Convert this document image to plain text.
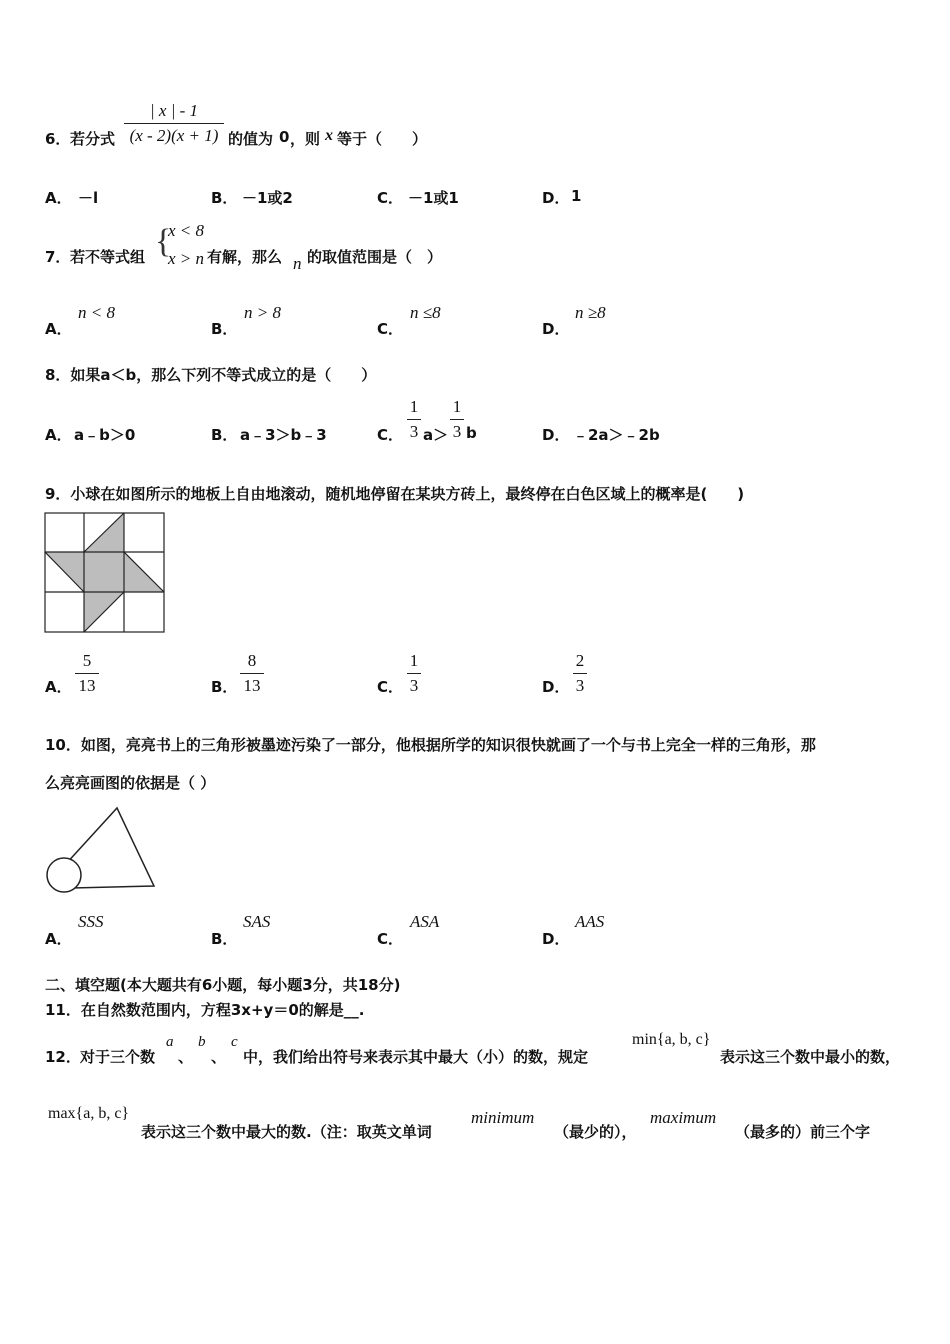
6． 若分式
| x | - 1
(x - 2)(x + 1) 的值为 0 ，则 x 等于（　　）
A． －l	B． －1或2	C． －1或1	D． 1
7． 若不等式组 {
x < 8
x > n 有解，那么 n 的取值范围是（　）
A．
n < 8
B．
n > 8
C．
n ≤8
D．
n ≥8
8．如果a＜b，那么下列不等式成立的是（　　）
A． a﹣b＞0	B． a﹣3＞b﹣3	C．
1
3 a＞
1
3 b	D． ﹣2a＞﹣2b
9．小球在如图所示的地板上自由地滚动，随机地停留在某块方砖上，最终停在白色区域上的概率是(　　)
A．
5
13	B．
8
13	C．
1
3	D．
2
3
10．如图，亮亮书上的三角形被墨迹污染了一部分，他根据所学的知识很快就画了一个与书上完全一样的三角形，那
么亮亮画图的依据是（ ）
A．
SSS
B．
SAS
C．
ASA
D．
AAS
二、填空题(本大题共有6小题，每小题3分，共18分)
11．在自然数范围内，方程3x+y＝0的解是__.
12． 对于三个数
a
、
b
、
c
中，我们给出符号来表示其中最大（小）的数，规定
min{a, b, c}
表示这三个数中最小的数，
max{a, b, c}
表示这三个数中最大的数.（注：取英文单词
minimum
（最少的），
maximum
（最多的）前三个字
